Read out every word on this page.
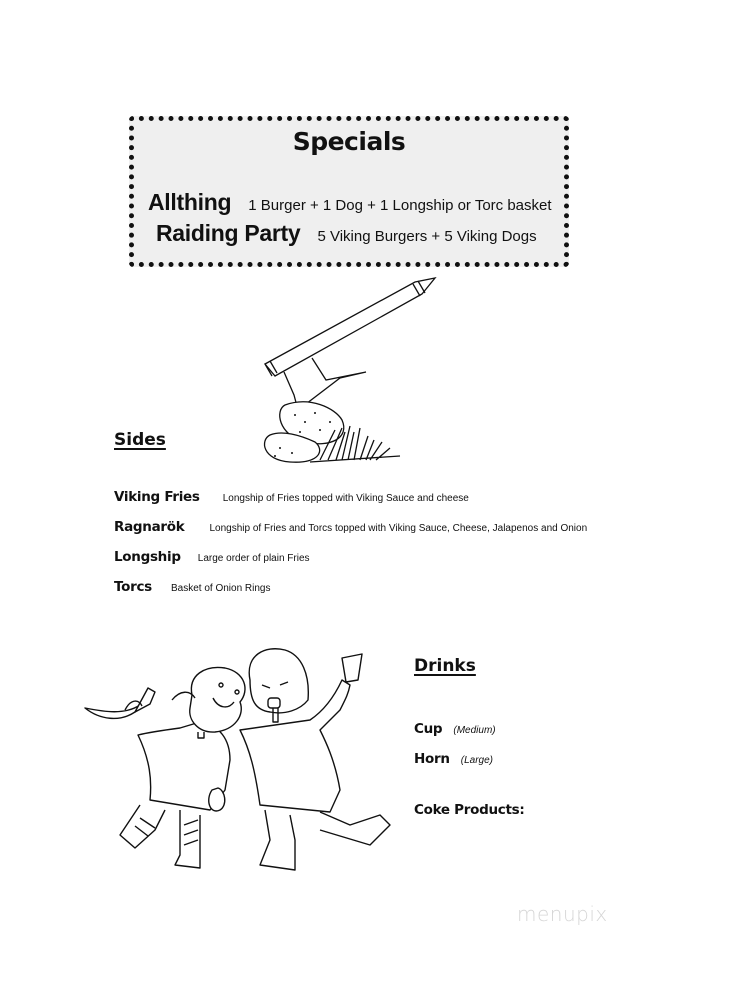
Specials
Allthing 1 Burger + 1 Dog + 1 Longship or Torc basket
Raiding Party 5 Viking Burgers + 5 Viking Dogs
Sides
Viking Fries Longship of Fries topped with Viking Sauce and cheese
Ragnarök	Longship of Fries and Torcs topped with Viking Sauce, Cheese, Jalapenos and Onion
Longship Large order of plain Fries
Torcs Basket of Onion Rings
Drinks
Cup (Medium)
Horn (Large)
Coke Products:
menupix
